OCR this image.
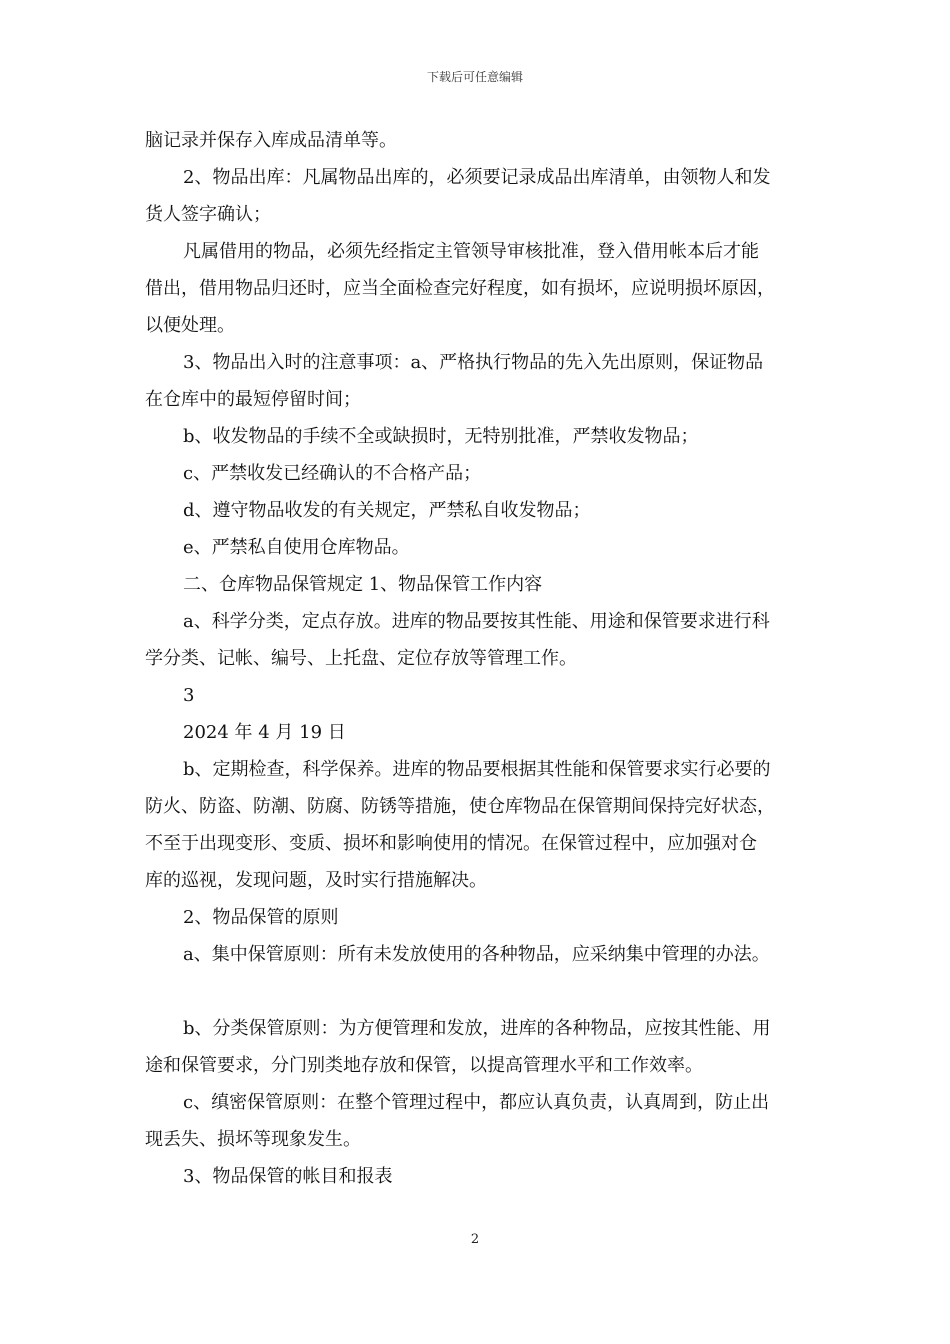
下载后可任意编辑
脑记录并保存入库成品清单等。
2、物品出库：凡属物品出库的，必须要记录成品出库清单，由领物人和发
货人签字确认；
凡属借用的物品，必须先经指定主管领导审核批准，登入借用帐本后才能
借出，借用物品归还时，应当全面检查完好程度，如有损坏，应说明损坏原因，
以便处理。
3、物品出入时的注意事项：a、严格执行物品的先入先出原则，保证物品
在仓库中的最短停留时间；
b、收发物品的手续不全或缺损时，无特别批准，严禁收发物品；
c、严禁收发已经确认的不合格产品；
d、遵守物品收发的有关规定，严禁私自收发物品；
e、严禁私自使用仓库物品。
二、仓库物品保管规定 1、物品保管工作内容
a、科学分类，定点存放。进库的物品要按其性能、用途和保管要求进行科
学分类、记帐、编号、上托盘、定位存放等管理工作。
3
2024 年 4 月 19 日
b、定期检查，科学保养。进库的物品要根据其性能和保管要求实行必要的
防火、防盗、防潮、防腐、防锈等措施，使仓库物品在保管期间保持完好状态，
不至于出现变形、变质、损坏和影响使用的情况。在保管过程中，应加强对仓
库的巡视，发现问题，及时实行措施解决。
2、物品保管的原则
a、集中保管原则：所有未发放使用的各种物品，应采纳集中管理的办法。
b、分类保管原则：为方便管理和发放，进库的各种物品，应按其性能、用
途和保管要求，分门别类地存放和保管，以提高管理水平和工作效率。
c、缜密保管原则：在整个管理过程中，都应认真负责，认真周到，防止出
现丢失、损坏等现象发生。
3、物品保管的帐目和报表
2
